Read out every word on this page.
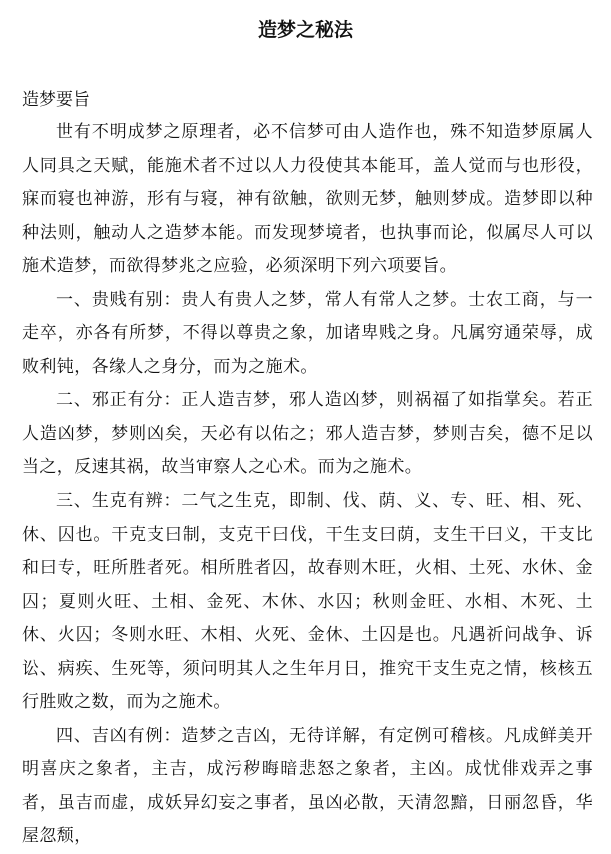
造梦之秘法
造梦要旨

世有不明成梦之原理者，必不信梦可由人造作也，殊不知造梦原属人人同具之天赋，能施术者不过以人力役使其本能耳，盖人觉而与也形役，寐而寝也神游，形有与寝，神有欲触，欲则无梦，触则梦成。造梦即以种种法则，触动人之造梦本能。而发现梦境者，也执事而论，似属尽人可以施术造梦，而欲得梦兆之应验，必须深明下列六项要旨。

一、贵贱有别：贵人有贵人之梦，常人有常人之梦。士农工商，与一走卒，亦各有所梦，不得以尊贵之象，加诸卑贱之身。凡属穷通荣辱，成败利钝，各缘人之身分，而为之施术。

二、邪正有分：正人造吉梦，邪人造凶梦，则祸福了如指掌矣。若正人造凶梦，梦则凶矣，天必有以佑之；邪人造吉梦，梦则吉矣，德不足以当之，反速其祸，故当审察人之心术。而为之施术。

三、生克有辨：二气之生克，即制、伐、荫、义、专、旺、相、死、休、囚也。干克支曰制，支克干曰伐，干生支曰荫，支生干曰义，干支比和曰专，旺所胜者死。相所胜者囚，故春则木旺，火相、土死、水休、金囚；夏则火旺、土相、金死、木休、水囚；秋则金旺、水相、木死、土休、火囚；冬则水旺、木相、火死、金休、土囚是也。凡遇祈问战争、诉讼、病疾、生死等，须问明其人之生年月日，推究干支生克之情，核核五行胜败之数，而为之施术。

四、吉凶有例：造梦之吉凶，无待详解，有定例可稽核。凡成鲜美开明喜庆之象者，主吉，成污秽晦暗悲怒之象者，主凶。成忧俳戏弄之事者，虽吉而虚，成妖异幻妄之事者，虽凶必散，天清忽黯，日丽忽昏，华屋忽颓，
